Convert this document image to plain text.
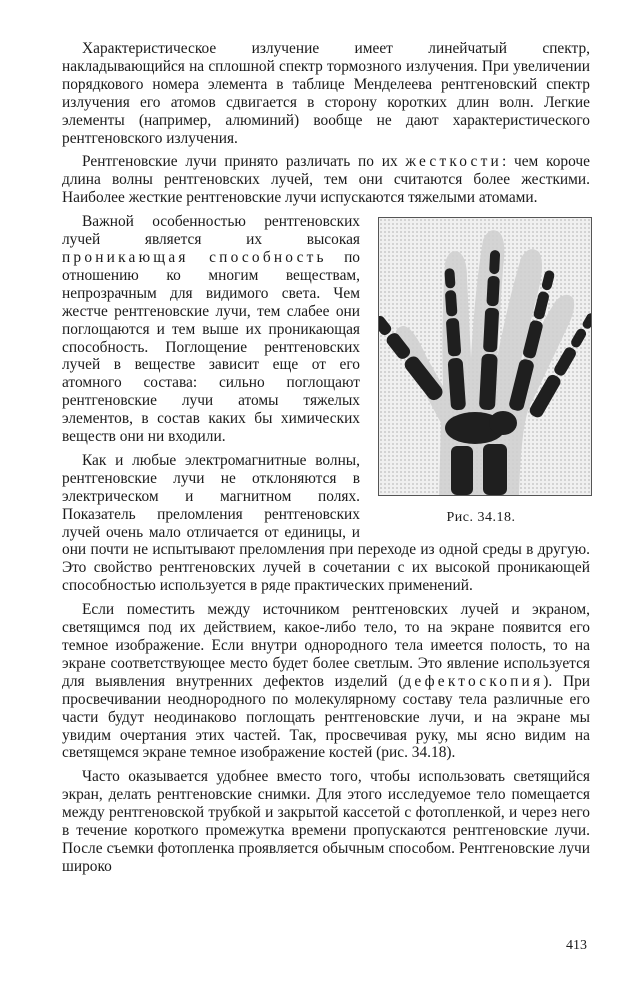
Характеристическое излучение имеет линейчатый спектр, накладывающийся на сплошной спектр тормозного излучения. При увеличении порядкового номера элемента в таблице Менделеева рентгеновский спектр излучения его атомов сдвигается в сторону коротких длин волн. Легкие элементы (например, алюминий) вообще не дают характеристического рентгеновского излучения.

Рентгеновские лучи принято различать по их жесткости: чем короче длина волны рентгеновских лучей, тем они считаются более жесткими. Наиболее жесткие рентгеновские лучи испускаются тяжелыми атомами.

Рис. 34.18.

Важной особенностью рентгеновских лучей является их высокая проникающая способность по отношению ко многим веществам, непрозрачным для видимого света. Чем жестче рентгеновские лучи, тем слабее они поглощаются и тем выше их проникающая способность. Поглощение рентгеновских лучей в веществе зависит еще от его атомного состава: сильно поглощают рентгеновские лучи атомы тяжелых элементов, в состав каких бы химических веществ они ни входили.

Как и любые электромагнитные волны, рентгеновские лучи не отклоняются в электрическом и магнитном полях. Показатель преломления рентгеновских лучей очень мало отличается от единицы, и они почти не испытывают преломления при переходе из одной среды в другую. Это свойство рентгеновских лучей в сочетании с их высокой проникающей способностью используется в ряде практических применений.

Если поместить между источником рентгеновских лучей и экраном, светящимся под их действием, какое-либо тело, то на экране появится его темное изображение. Если внутри однородного тела имеется полость, то на экране соответствующее место будет более светлым. Это явление используется для выявления внутренних дефектов изделий (дефектоскопия). При просвечивании неоднородного по молекулярному составу тела различные его части будут неодинаково поглощать рентгеновские лучи, и на экране мы увидим очертания этих частей. Так, просвечивая руку, мы ясно видим на светящемся экране темное изображение костей (рис. 34.18).

Часто оказывается удобнее вместо того, чтобы использовать светящийся экран, делать рентгеновские снимки. Для этого исследуемое тело помещается между рентгеновской трубкой и закрытой кассетой с фотопленкой, и через него в течение короткого промежутка времени пропускаются рентгеновские лучи. После съемки фотопленка проявляется обычным способом. Рентгеновские лучи широко

413
